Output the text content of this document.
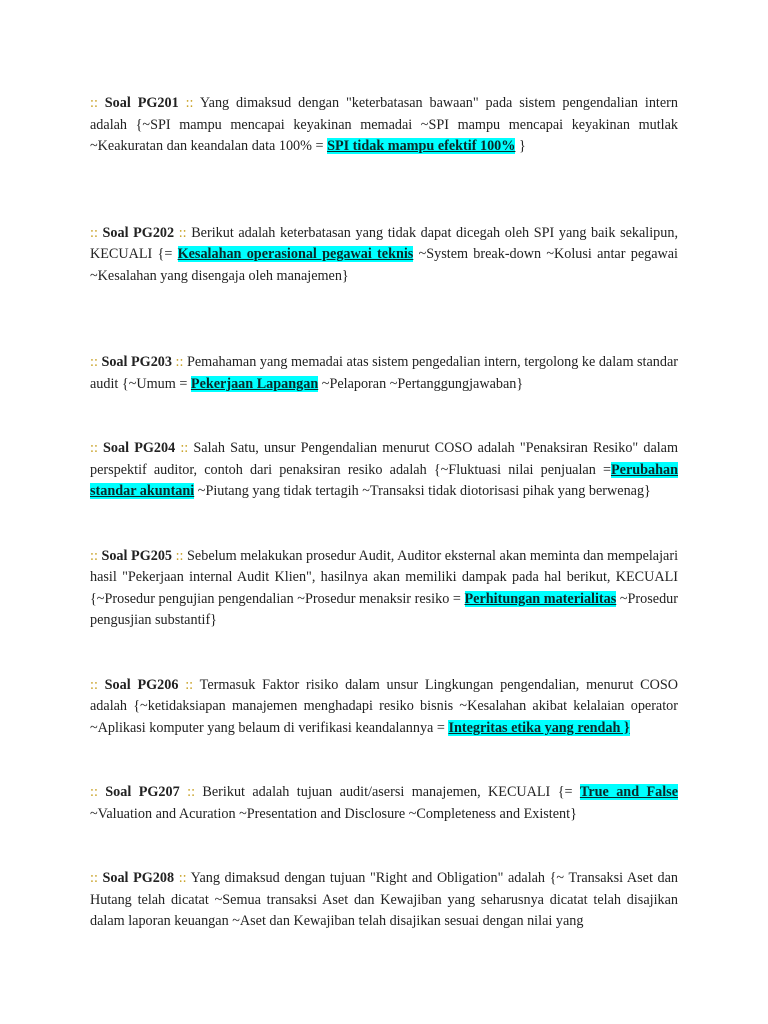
:: Soal PG201 :: Yang dimaksud dengan "keterbatasan bawaan" pada sistem pengendalian intern adalah {~SPI mampu mencapai keyakinan memadai ~SPI mampu mencapai keyakinan mutlak ~Keakuratan dan keandalan data 100% = SPI tidak mampu efektif 100% }

:: Soal PG202 :: Berikut adalah keterbatasan yang tidak dapat dicegah oleh SPI yang baik sekalipun, KECUALI {= Kesalahan operasional pegawai teknis ~System break-down ~Kolusi antar pegawai ~Kesalahan yang disengaja oleh manajemen}

:: Soal PG203 :: Pemahaman yang memadai atas sistem pengedalian intern, tergolong ke dalam standar audit {~Umum = Pekerjaan Lapangan ~Pelaporan ~Pertanggungjawaban}

:: Soal PG204 :: Salah Satu, unsur Pengendalian menurut COSO adalah "Penaksiran Resiko" dalam perspektif auditor, contoh dari penaksiran resiko adalah {~Fluktuasi nilai penjualan =Perubahan standar akuntani ~Piutang yang tidak tertagih ~Transaksi tidak diotorisasi pihak yang berwenag}

:: Soal PG205 :: Sebelum melakukan prosedur Audit, Auditor eksternal akan meminta dan mempelajari hasil "Pekerjaan internal Audit Klien", hasilnya akan memiliki dampak pada hal berikut, KECUALI {~Prosedur pengujian pengendalian ~Prosedur menaksir resiko = Perhitungan materialitas ~Prosedur pengusjian substantif}

:: Soal PG206 :: Termasuk Faktor risiko dalam unsur Lingkungan pengendalian, menurut COSO adalah {~ketidaksiapan manajemen menghadapi resiko bisnis ~Kesalahan akibat kelalaian operator ~Aplikasi komputer yang belaum di verifikasi keandalannya = Integritas etika yang rendah }

:: Soal PG207 :: Berikut adalah tujuan audit/asersi manajemen, KECUALI {= True and False ~Valuation and Acuration ~Presentation and Disclosure ~Completeness and Existent}

:: Soal PG208 :: Yang dimaksud dengan tujuan "Right and Obligation" adalah {~ Transaksi Aset dan Hutang telah dicatat ~Semua transaksi Aset dan Kewajiban yang seharusnya dicatat telah disajikan dalam laporan keuangan ~Aset dan Kewajiban telah disajikan sesuai dengan nilai yang
